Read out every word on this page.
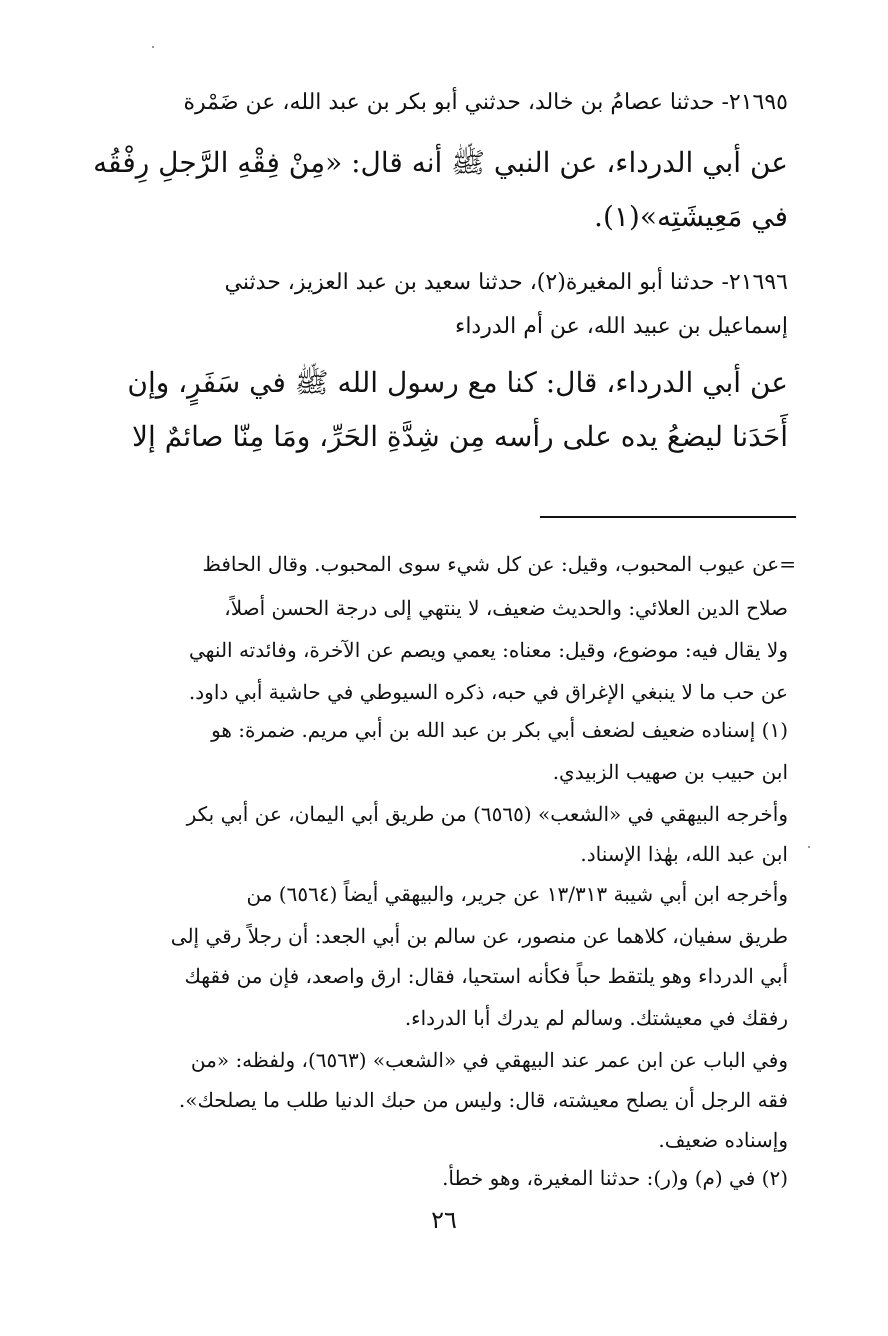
٢١٦٩٥- حدثنا عصامُ بن خالد، حدثني أبو بكر بن عبد الله، عن ضَمْرة
عن أبي الدرداء، عن النبي ﷺ أنه قال: «مِنْ فِقْهِ الرَّجلِ رِفْقُه
في مَعِيشَتِه»(١).
٢١٦٩٦- حدثنا أبو المغيرة(٢)، حدثنا سعيد بن عبد العزيز، حدثني
إسماعيل بن عبيد الله، عن أم الدرداء
عن أبي الدرداء، قال: كنا مع رسول الله ﷺ في سَفَرٍ، وإن
أَحَدَنا ليضعُ يده على رأسه مِن شِدَّةِ الحَرِّ، ومَا مِنّا صائمٌ إلا
=عن عيوب المحبوب، وقيل: عن كل شيء سوى المحبوب. وقال الحافظ
صلاح الدين العلائي: والحديث ضعيف، لا ينتهي إلى درجة الحسن أصلاً،
ولا يقال فيه: موضوع، وقيل: معناه: يعمي ويصم عن الآخرة، وفائدته النهي
عن حب ما لا ينبغي الإغراق في حبه، ذكره السيوطي في حاشية أبي داود.
(١) إسناده ضعيف لضعف أبي بكر بن عبد الله بن أبي مريم. ضمرة: هو
ابن حبيب بن صهيب الزبيدي.
وأخرجه البيهقي في «الشعب» (٦٥٦٥) من طريق أبي اليمان، عن أبي بكر
ابن عبد الله، بهٰذا الإسناد.
وأخرجه ابن أبي شيبة ١٣/٣١٣ عن جرير، والبيهقي أيضاً (٦٥٦٤) من
طريق سفيان، كلاهما عن منصور، عن سالم بن أبي الجعد: أن رجلاً رقي إلى
أبي الدرداء وهو يلتقط حباً فكأنه استحيا، فقال: ارق واصعد، فإن من فقهك
رفقك في معيشتك. وسالم لم يدرك أبا الدرداء.
وفي الباب عن ابن عمر عند البيهقي في «الشعب» (٦٥٦٣)، ولفظه: «من
فقه الرجل أن يصلح معيشته، قال: وليس من حبك الدنيا طلب ما يصلحك».
وإسناده ضعيف.
(٢) في (م) و(ر): حدثنا المغيرة، وهو خطأ.
٢٦
